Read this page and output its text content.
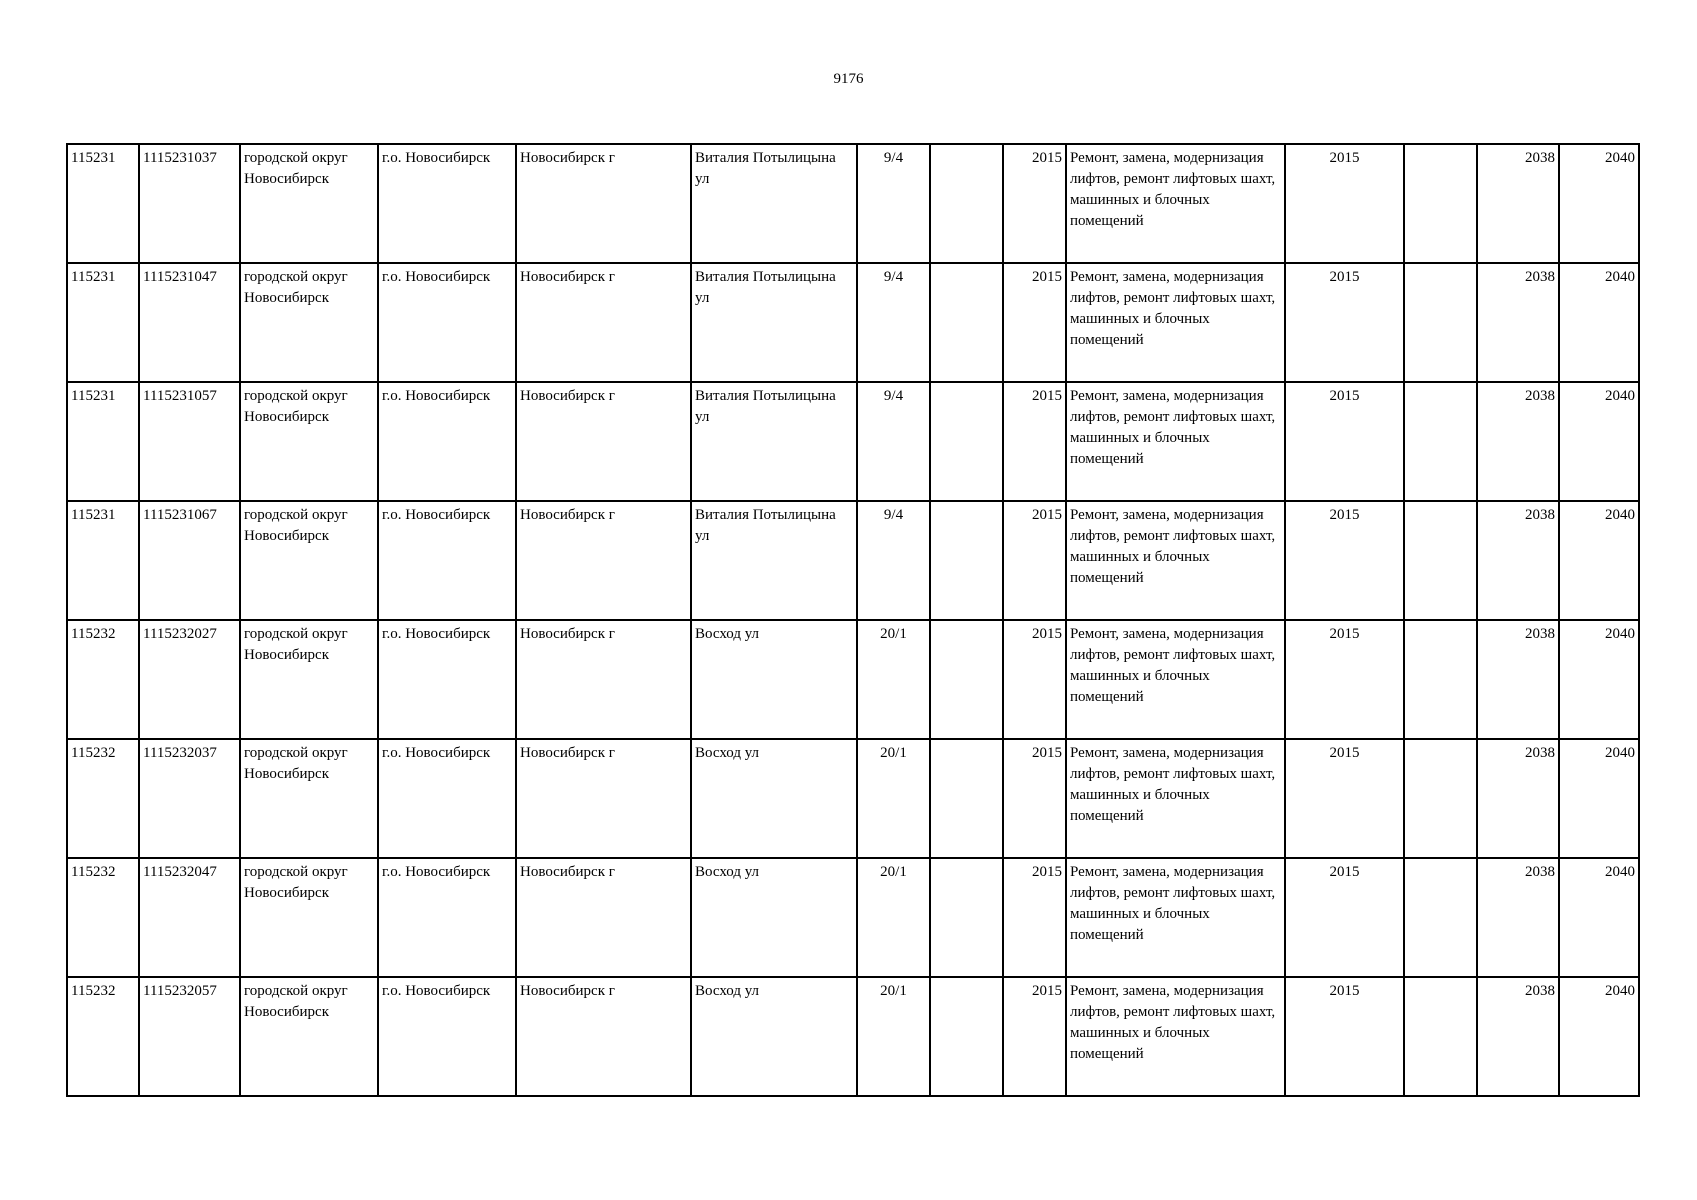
9176
115231	1115231037	городской округ Новосибирск	г.о. Новосибирск	Новосибирск г	Виталия Потылицына ул	9/4		2015	Ремонт, замена, модернизация лифтов, ремонт лифтовых шахт, машинных и блочных помещений	2015		2038	2040
115231	1115231047	городской округ Новосибирск	г.о. Новосибирск	Новосибирск г	Виталия Потылицына ул	9/4		2015	Ремонт, замена, модернизация лифтов, ремонт лифтовых шахт, машинных и блочных помещений	2015		2038	2040
115231	1115231057	городской округ Новосибирск	г.о. Новосибирск	Новосибирск г	Виталия Потылицына ул	9/4		2015	Ремонт, замена, модернизация лифтов, ремонт лифтовых шахт, машинных и блочных помещений	2015		2038	2040
115231	1115231067	городской округ Новосибирск	г.о. Новосибирск	Новосибирск г	Виталия Потылицына ул	9/4		2015	Ремонт, замена, модернизация лифтов, ремонт лифтовых шахт, машинных и блочных помещений	2015		2038	2040
115232	1115232027	городской округ Новосибирск	г.о. Новосибирск	Новосибирск г	Восход ул	20/1		2015	Ремонт, замена, модернизация лифтов, ремонт лифтовых шахт, машинных и блочных помещений	2015		2038	2040
115232	1115232037	городской округ Новосибирск	г.о. Новосибирск	Новосибирск г	Восход ул	20/1		2015	Ремонт, замена, модернизация лифтов, ремонт лифтовых шахт, машинных и блочных помещений	2015		2038	2040
115232	1115232047	городской округ Новосибирск	г.о. Новосибирск	Новосибирск г	Восход ул	20/1		2015	Ремонт, замена, модернизация лифтов, ремонт лифтовых шахт, машинных и блочных помещений	2015		2038	2040
115232	1115232057	городской округ Новосибирск	г.о. Новосибирск	Новосибирск г	Восход ул	20/1		2015	Ремонт, замена, модернизация лифтов, ремонт лифтовых шахт, машинных и блочных помещений	2015		2038	2040
